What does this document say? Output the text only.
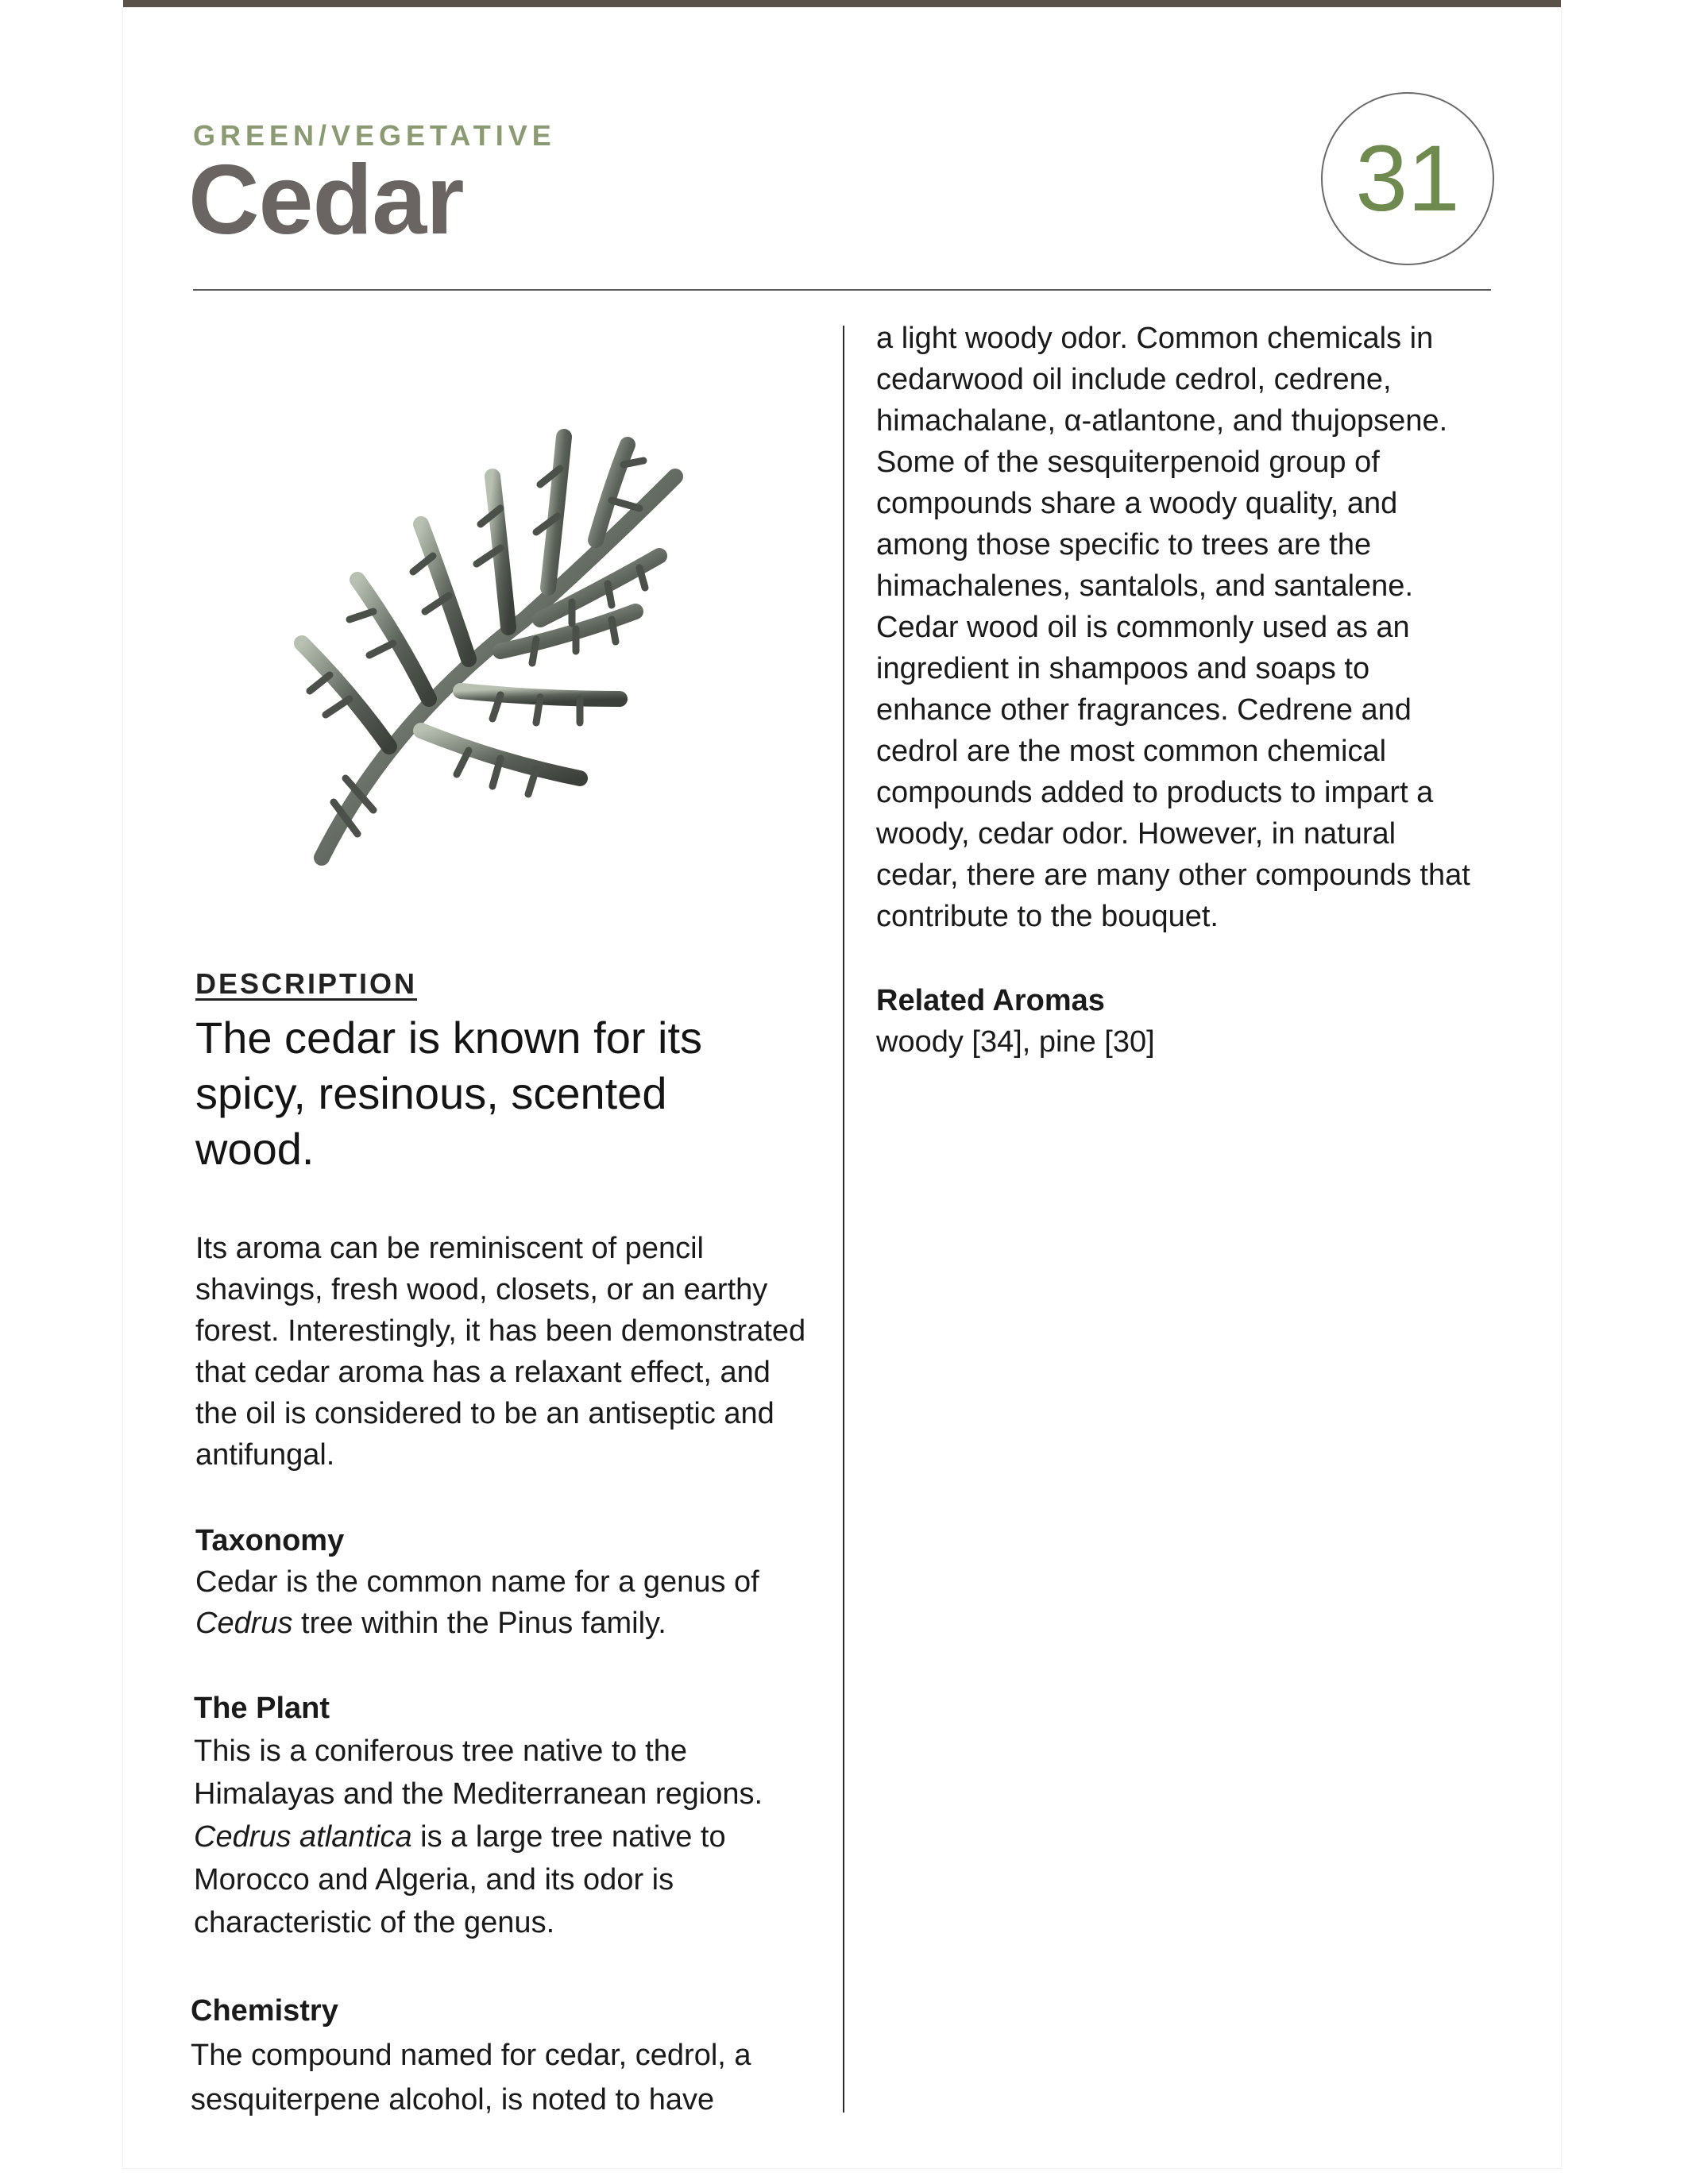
GREEN/VEGETATIVE
Cedar	31
DESCRIPTION
The cedar is known for its spicy, resinous, scented wood.
Its aroma can be reminiscent of pencil shavings, fresh wood, closets, or an earthy forest. Interestingly, it has been demonstrated that cedar aroma has a relaxant effect, and the oil is considered to be an antiseptic and antifungal.
Taxonomy
Cedar is the common name for a genus of Cedrus tree within the Pinus family.
The Plant
This is a coniferous tree native to the Himalayas and the Mediterranean regions. Cedrus atlantica is a large tree native to Morocco and Algeria, and its odor is characteristic of the genus.
Chemistry
The compound named for cedar, cedrol, a sesquiterpene alcohol, is noted to have
a light woody odor. Common chemicals in cedarwood oil include cedrol, cedrene, himachalane, α-atlantone, and thujopsene. Some of the sesquiterpenoid group of compounds share a woody quality, and among those specific to trees are the himachalenes, santalols, and santalene. Cedar wood oil is commonly used as an ingredient in shampoos and soaps to enhance other fragrances. Cedrene and cedrol are the most common chemical compounds added to products to impart a woody, cedar odor. However, in natural cedar, there are many other compounds that contribute to the bouquet.
Related Aromas
woody [34], pine [30]
